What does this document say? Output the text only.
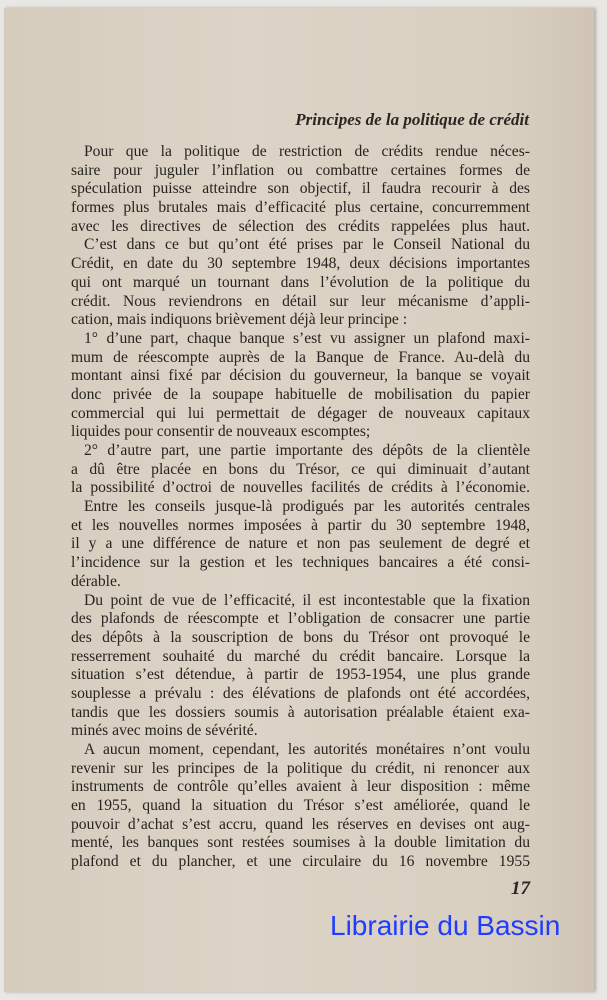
Principes de la politique de crédit
Pour que la politique de restriction de crédits rendue néces-
saire pour juguler l’inflation ou combattre certaines formes de
spéculation puisse atteindre son objectif, il faudra recourir à des
formes plus brutales mais d’efficacité plus certaine, concurremment
avec les directives de sélection des crédits rappelées plus haut.
C’est dans ce but qu’ont été prises par le Conseil National du
Crédit, en date du 30 septembre 1948, deux décisions importantes
qui ont marqué un tournant dans l’évolution de la politique du
crédit. Nous reviendrons en détail sur leur mécanisme d’appli-
cation, mais indiquons brièvement déjà leur principe :
1° d’une part, chaque banque s’est vu assigner un plafond maxi-
mum de réescompte auprès de la Banque de France. Au-delà du
montant ainsi fixé par décision du gouverneur, la banque se voyait
donc privée de la soupape habituelle de mobilisation du papier
commercial qui lui permettait de dégager de nouveaux capitaux
liquides pour consentir de nouveaux escomptes;
2° d’autre part, une partie importante des dépôts de la clientèle
a dû être placée en bons du Trésor, ce qui diminuait d’autant
la possibilité d’octroi de nouvelles facilités de crédits à l’économie.
Entre les conseils jusque-là prodigués par les autorités centrales
et les nouvelles normes imposées à partir du 30 septembre 1948,
il y a une différence de nature et non pas seulement de degré et
l’incidence sur la gestion et les techniques bancaires a été consi-
dérable.
Du point de vue de l’efficacité, il est incontestable que la fixation
des plafonds de réescompte et l’obligation de consacrer une partie
des dépôts à la souscription de bons du Trésor ont provoqué le
resserrement souhaité du marché du crédit bancaire. Lorsque la
situation s’est détendue, à partir de 1953-1954, une plus grande
souplesse a prévalu : des élévations de plafonds ont été accordées,
tandis que les dossiers soumis à autorisation préalable étaient exa-
minés avec moins de sévérité.
A aucun moment, cependant, les autorités monétaires n’ont voulu
revenir sur les principes de la politique du crédit, ni renoncer aux
instruments de contrôle qu’elles avaient à leur disposition : même
en 1955, quand la situation du Trésor s’est améliorée, quand le
pouvoir d’achat s’est accru, quand les réserves en devises ont aug-
menté, les banques sont restées soumises à la double limitation du
plafond et du plancher, et une circulaire du 16 novembre 1955
17
Librairie du Bassin
